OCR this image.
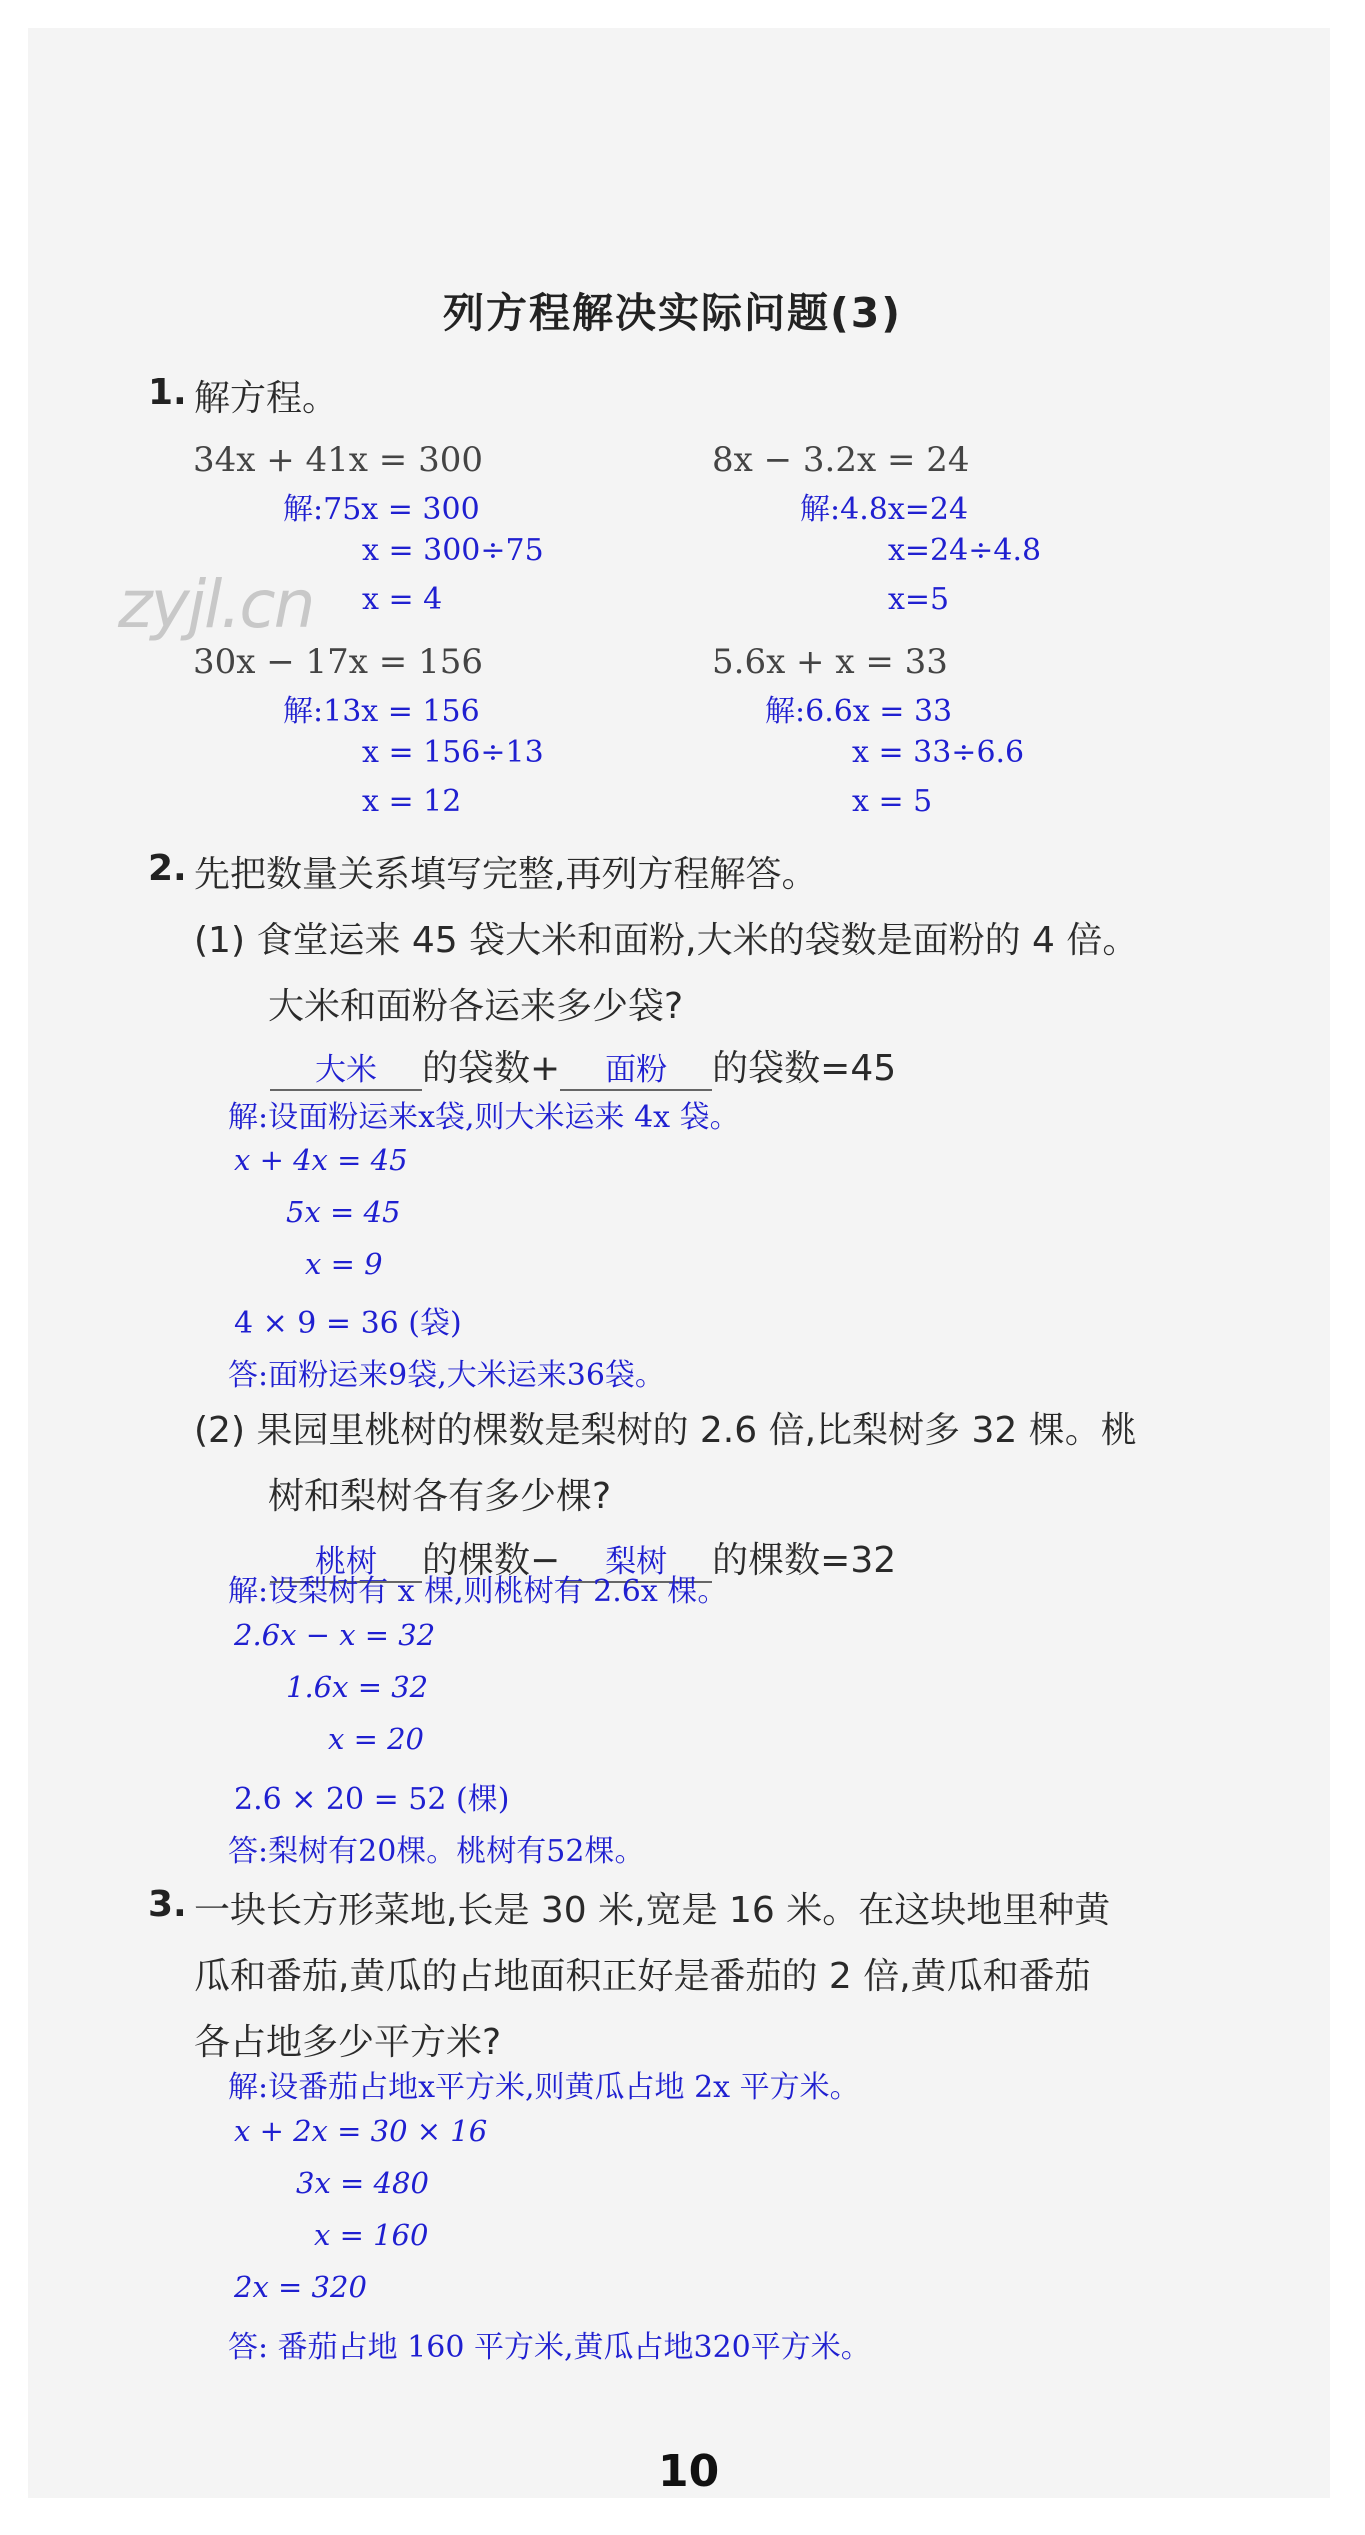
zyjl.cn
列方程解决实际问题(3)
1. 解方程。
34x + 41x = 300
解:75x = 300
x = 300÷75
x = 4
8x − 3.2x = 24
解:4.8x=24
x=24÷4.8
x=5
30x − 17x = 156
解:13x = 156
x = 156÷13
x = 12
5.6x + x = 33
解:6.6x = 33
x = 33÷6.6
x = 5
2. 先把数量关系填写完整,再列方程解答。
(1) 食堂运来 45 袋大米和面粉,大米的袋数是面粉的 4 倍。
大米和面粉各运来多少袋?
大米 的袋数+ 面粉 的袋数=45
解:设面粉运来x袋,则大米运来 4x 袋。
x + 4x = 45
5x = 45
x = 9
4 × 9 = 36 (袋)
答:面粉运来9袋,大米运来36袋。
(2) 果园里桃树的棵数是梨树的 2.6 倍,比梨树多 32 棵。桃
树和梨树各有多少棵?
桃树 的棵数− 梨树 的棵数=32
解:设梨树有 x 棵,则桃树有 2.6x 棵。
2.6x − x = 32
1.6x = 32
x = 20
2.6 × 20 = 52 (棵)
答:梨树有20棵。桃树有52棵。
3. 一块长方形菜地,长是 30 米,宽是 16 米。在这块地里种黄
瓜和番茄,黄瓜的占地面积正好是番茄的 2 倍,黄瓜和番茄
各占地多少平方米?
解:设番茄占地x平方米,则黄瓜占地 2x 平方米。
x + 2x = 30 × 16
3x = 480
x = 160
2x = 320
答: 番茄占地 160 平方米,黄瓜占地320平方米。
10
